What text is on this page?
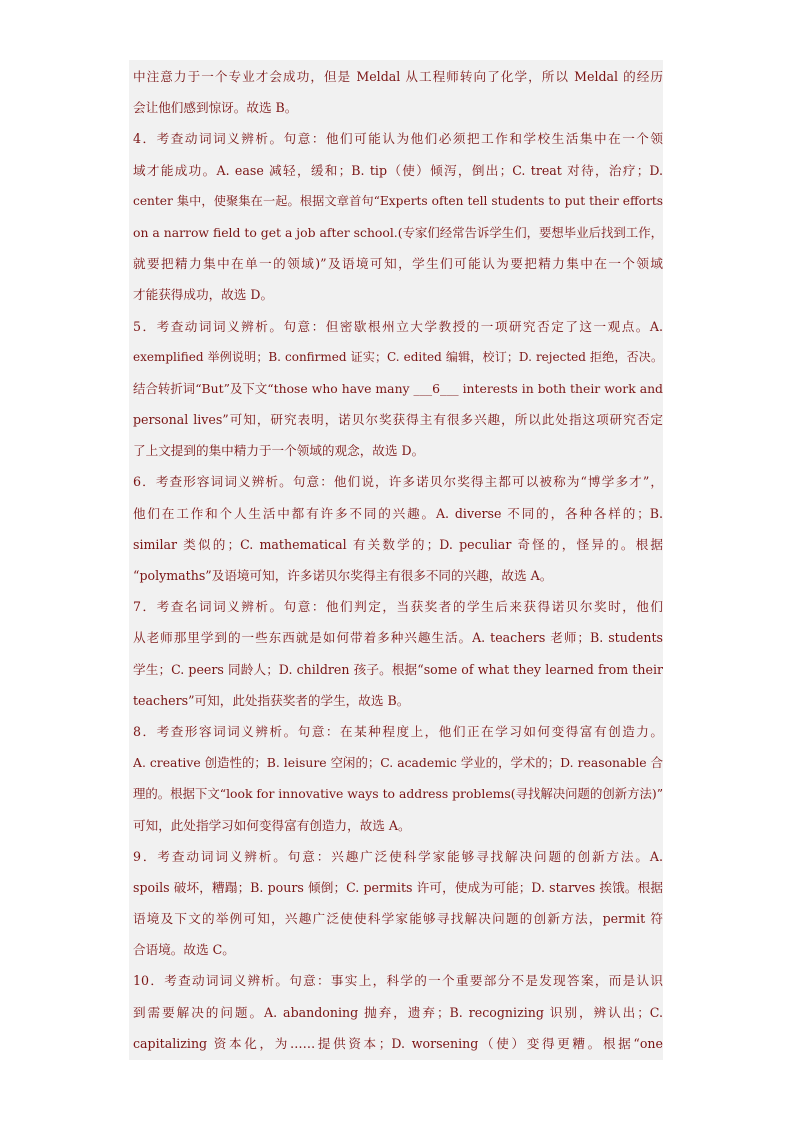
中注意力于一个专业才会成功，但是 Meldal 从工程师转向了化学，所以 Meldal 的经历
会让他们感到惊讶。故选 B。
4．考查动词词义辨析。句意：他们可能认为他们必须把工作和学校生活集中在一个领
域才能成功。A. ease 减轻，缓和；B. tip（使）倾泻，倒出；C. treat 对待，治疗；D.
center 集中，使聚集在一起。根据文章首句“Experts often tell students to put their efforts
on a narrow field to get a job after school.(专家们经常告诉学生们，要想毕业后找到工作，
就要把精力集中在单一的领域)”及语境可知，学生们可能认为要把精力集中在一个领域
才能获得成功，故选 D。
5．考查动词词义辨析。句意：但密歇根州立大学教授的一项研究否定了这一观点。A.
exemplified 举例说明；B. confirmed 证实；C. edited 编辑，校订；D. rejected 拒绝，否决。
结合转折词“But”及下文“those who have many ___6___ interests in both their work and
personal lives”可知，研究表明，诺贝尔奖获得主有很多兴趣，所以此处指这项研究否定
了上文提到的集中精力于一个领域的观念，故选 D。
6．考查形容词词义辨析。句意：他们说，许多诺贝尔奖得主都可以被称为“博学多才”，
他们在工作和个人生活中都有许多不同的兴趣。A. diverse 不同的，各种各样的；B.
similar 类似的；C. mathematical 有关数学的；D. peculiar 奇怪的，怪异的。根据
“polymaths”及语境可知，许多诺贝尔奖得主有很多不同的兴趣，故选 A。
7．考查名词词义辨析。句意：他们判定，当获奖者的学生后来获得诺贝尔奖时，他们
从老师那里学到的一些东西就是如何带着多种兴趣生活。A. teachers 老师；B. students
学生；C. peers 同龄人；D. children 孩子。根据“some of what they learned from their
teachers”可知，此处指获奖者的学生，故选 B。
8．考查形容词词义辨析。句意：在某种程度上，他们正在学习如何变得富有创造力。
A. creative 创造性的；B. leisure 空闲的；C. academic 学业的，学术的；D. reasonable 合
理的。根据下文“look for innovative ways to address problems(寻找解决问题的创新方法)”
可知，此处指学习如何变得富有创造力，故选 A。
9．考查动词词义辨析。句意：兴趣广泛使科学家能够寻找解决问题的创新方法。A.
spoils 破坏，糟蹋；B. pours 倾倒；C. permits 许可，使成为可能；D. starves 挨饿。根据
语境及下文的举例可知，兴趣广泛使使科学家能够寻找解决问题的创新方法，permit 符
合语境。故选 C。
10．考查动词词义辨析。句意：事实上，科学的一个重要部分不是发现答案，而是认识
到需要解决的问题。A. abandoning 抛弃，遗弃；B. recognizing 识别，辨认出；C.
capitalizing 资本化，为……提供资本；D. worsening（使）变得更糟。根据“one
